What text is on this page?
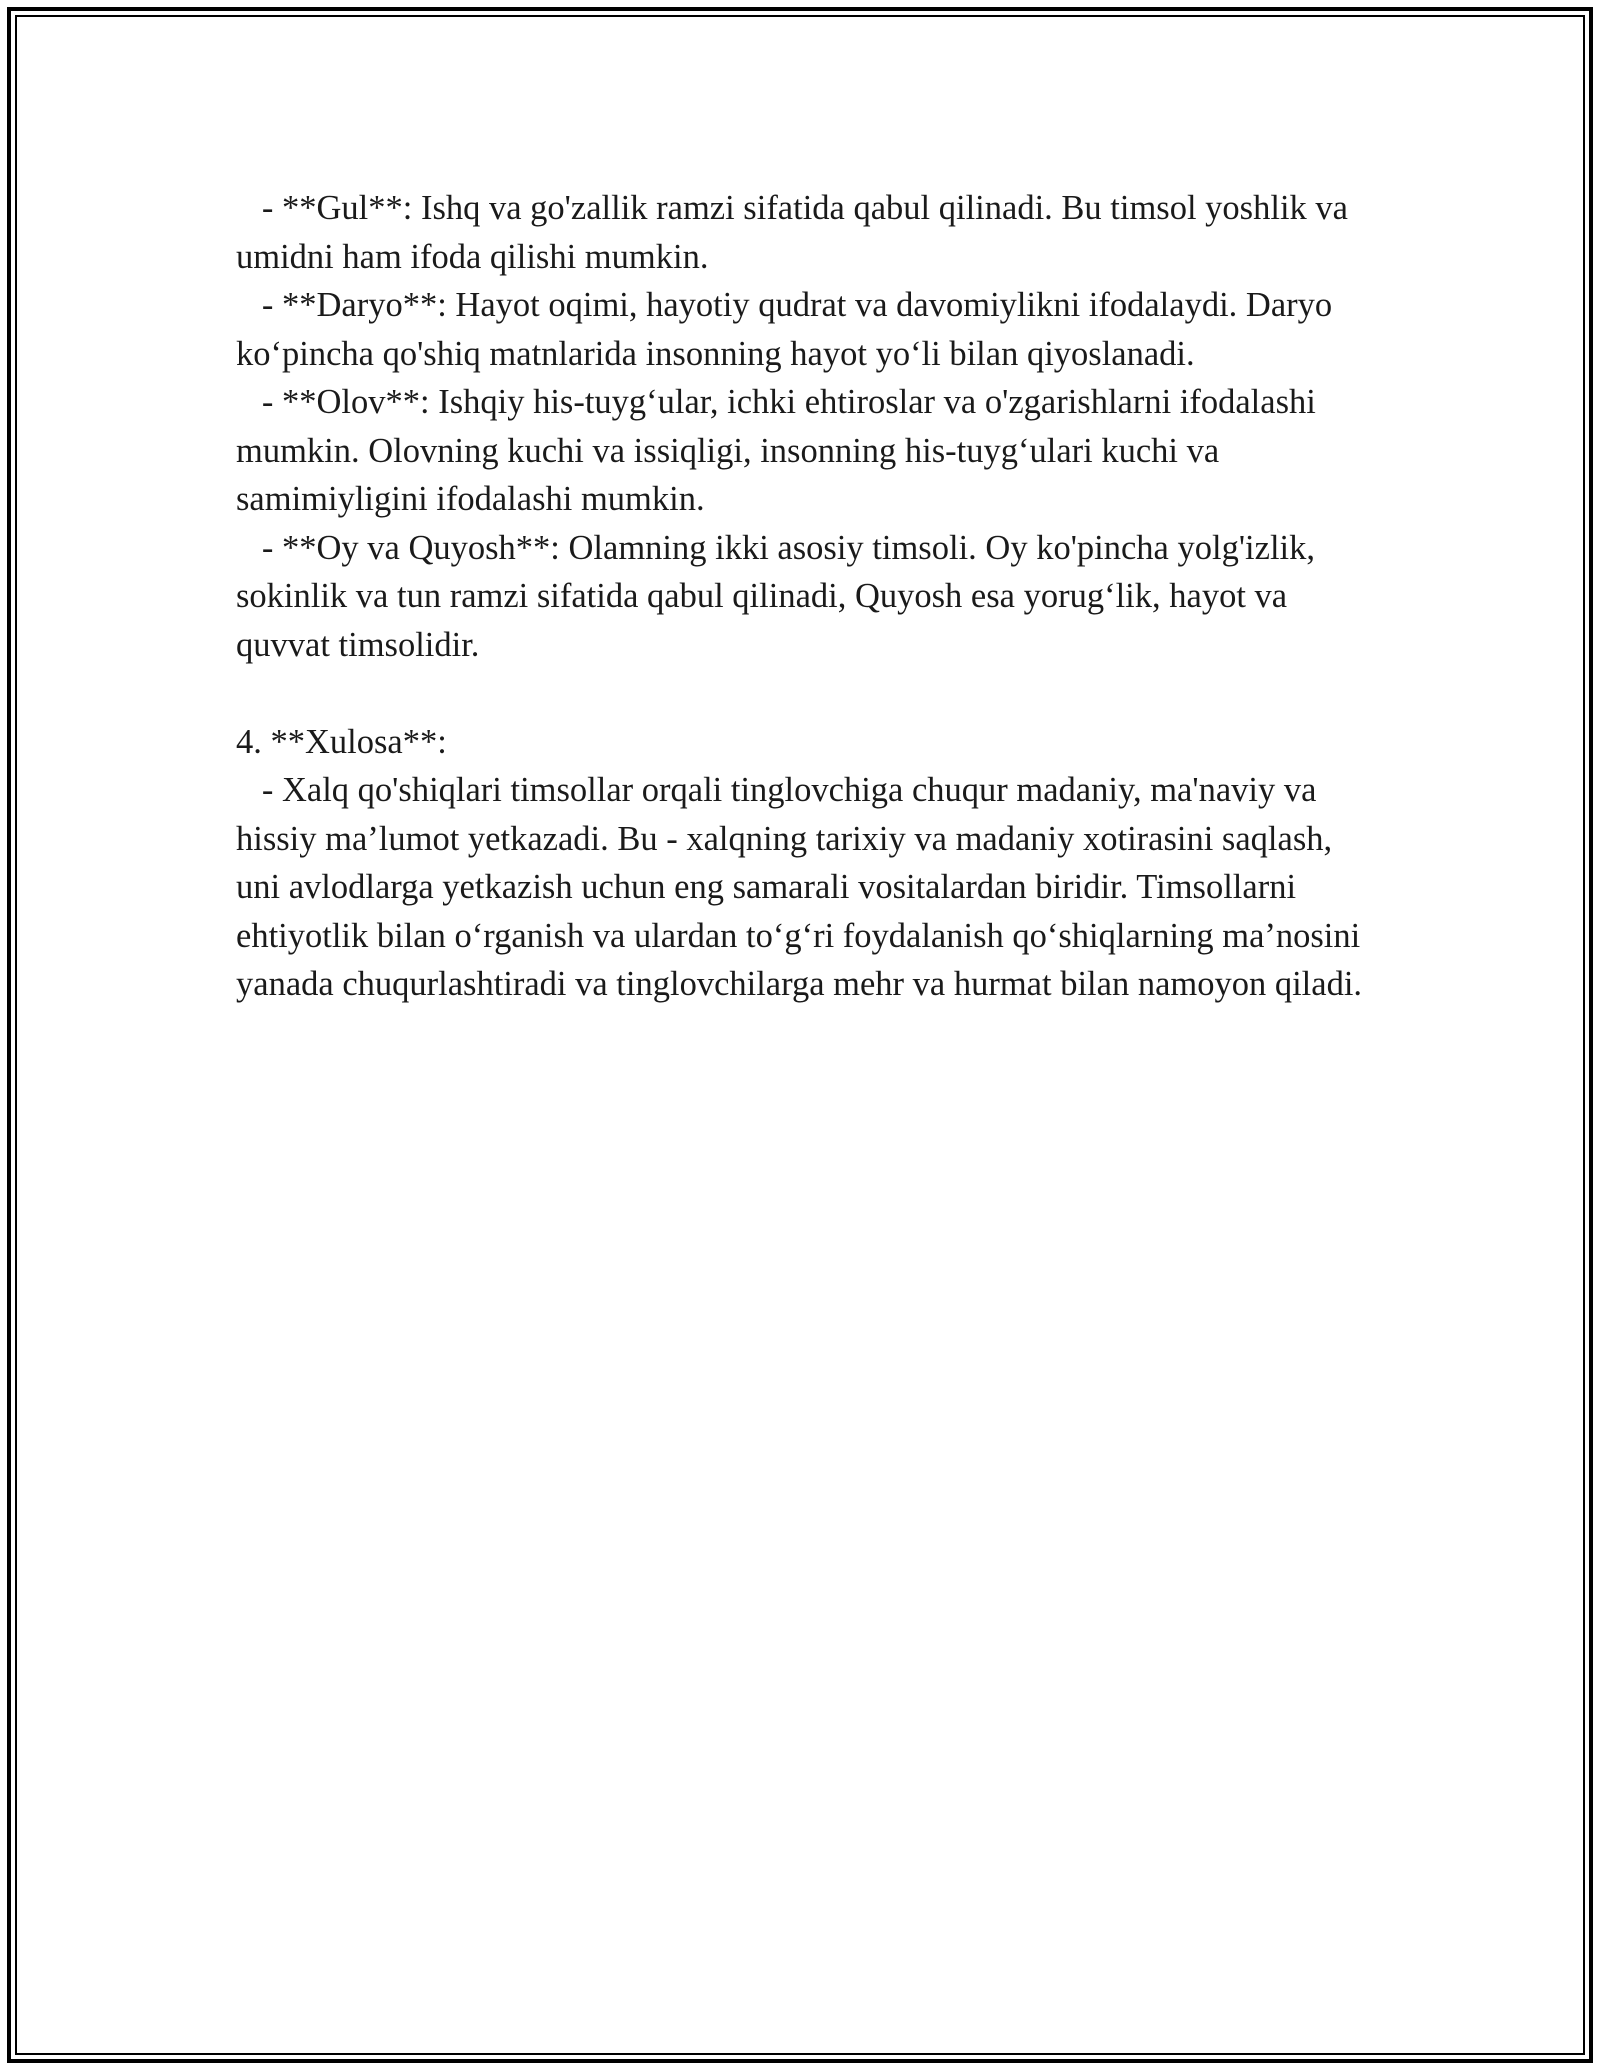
- **Gul**: Ishq va go'zallik ramzi sifatida qabul qilinadi. Bu timsol yoshlik va umidni ham ifoda qilishi mumkin.

- **Daryo**: Hayot oqimi, hayotiy qudrat va davomiylikni ifodalaydi. Daryo koʻpincha qo'shiq matnlarida insonning hayot yoʻli bilan qiyoslanadi.

- **Olov**: Ishqiy his-tuygʻular, ichki ehtiroslar va o'zgarishlarni ifodalashi mumkin. Olovning kuchi va issiqligi, insonning his-tuygʻulari kuchi va samimiyligini ifodalashi mumkin.

- **Oy va Quyosh**: Olamning ikki asosiy timsoli. Oy ko'pincha yolg'izlik, sokinlik va tun ramzi sifatida qabul qilinadi, Quyosh esa yorugʻlik, hayot va quvvat timsolidir.

4. **Xulosa**:

- Xalq qo'shiqlari timsollar orqali tinglovchiga chuqur madaniy, ma'naviy va hissiy ma’lumot yetkazadi. Bu - xalqning tarixiy va madaniy xotirasini saqlash, uni avlodlarga yetkazish uchun eng samarali vositalardan biridir. Timsollarni ehtiyotlik bilan oʻrganish va ulardan toʻgʻri foydalanish qoʻshiqlarning maʼnosini yanada chuqurlashtiradi va tinglovchilarga mehr va hurmat bilan namoyon qiladi.
